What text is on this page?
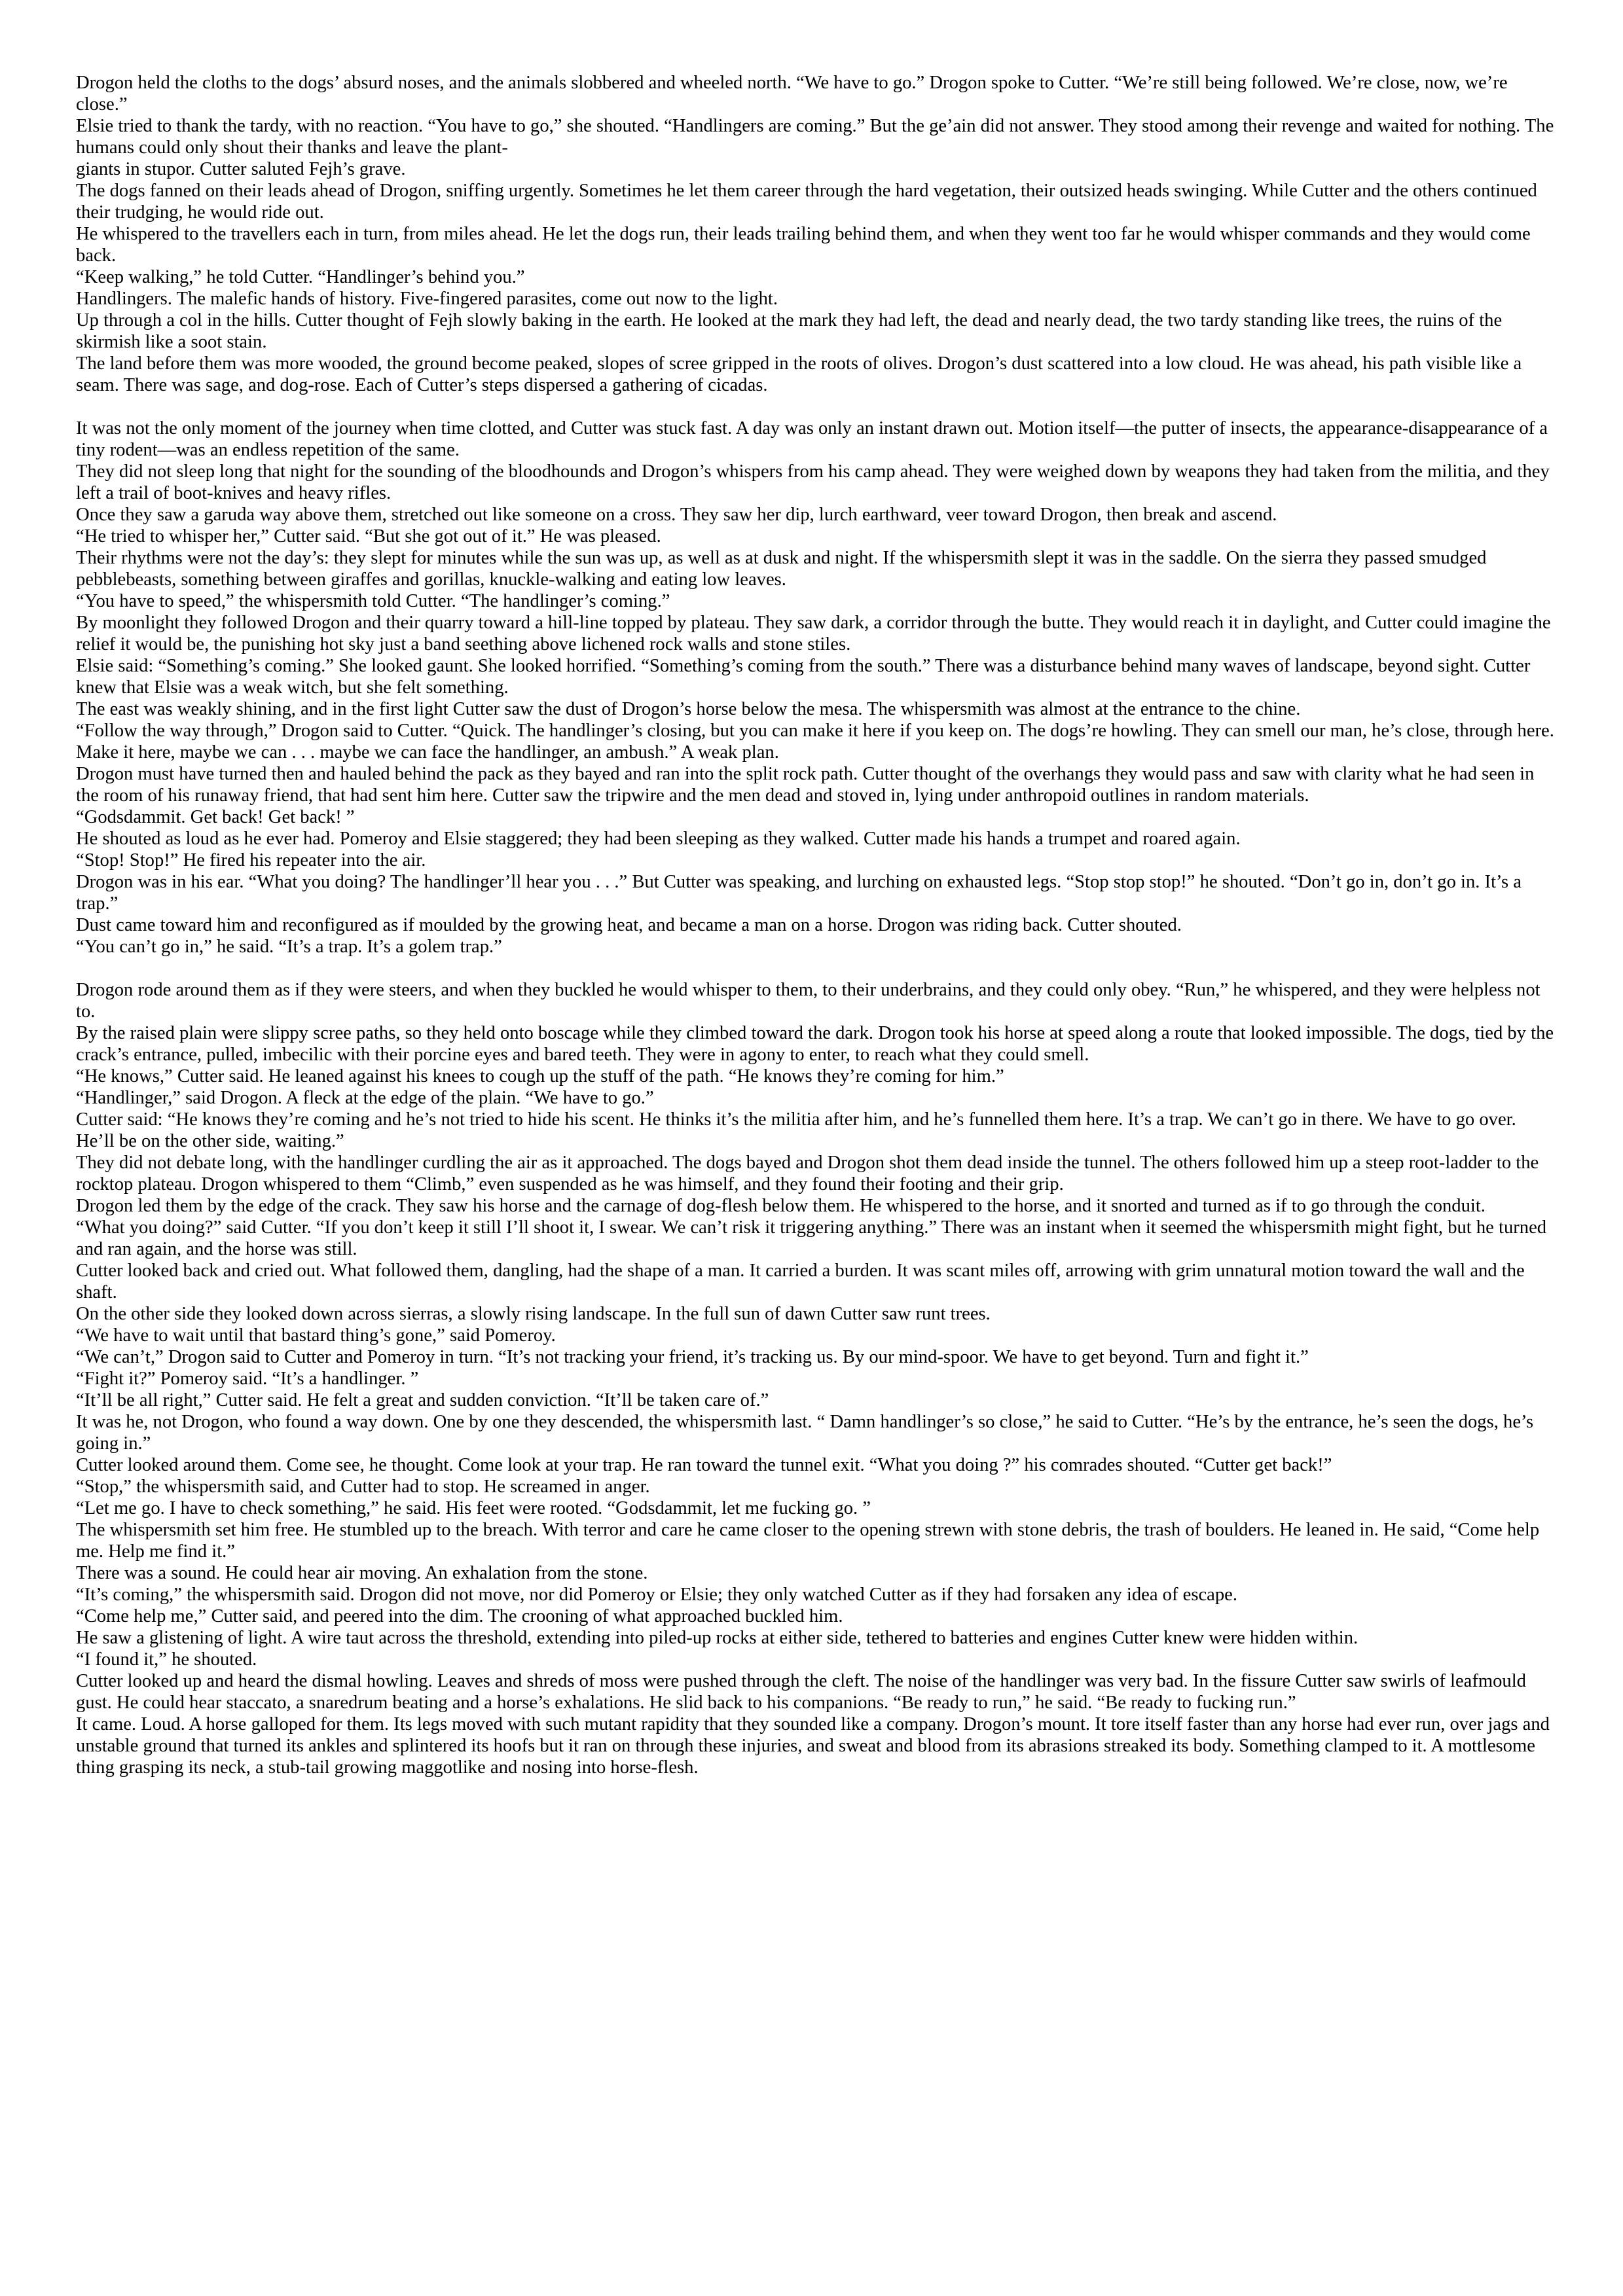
Drogon held the cloths to the dogs’ absurd noses, and the animals slobbered and wheeled north. “We have to go.” Drogon spoke to Cutter. “We’re still being followed. We’re close, now, we’re close.”

Elsie tried to thank the tardy, with no reaction. “You have to go,” she shouted. “Handlingers are coming.” But the ge’ain did not answer. They stood among their revenge and waited for nothing. The humans could only shout their thanks and leave the plant-

giants in stupor. Cutter saluted Fejh’s grave.

The dogs fanned on their leads ahead of Drogon, sniffing urgently. Sometimes he let them career through the hard vegetation, their outsized heads swinging. While Cutter and the others continued their trudging, he would ride out.

He whispered to the travellers each in turn, from miles ahead. He let the dogs run, their leads trailing behind them, and when they went too far he would whisper commands and they would come back.

“Keep walking,” he told Cutter. “Handlinger’s behind you.”

Handlingers. The malefic hands of history. Five-fingered parasites, come out now to the light.

Up through a col in the hills. Cutter thought of Fejh slowly baking in the earth. He looked at the mark they had left, the dead and nearly dead, the two tardy standing like trees, the ruins of the skirmish like a soot stain.

The land before them was more wooded, the ground become peaked, slopes of scree gripped in the roots of olives. Drogon’s dust scattered into a low cloud. He was ahead, his path visible like a seam. There was sage, and dog-rose. Each of Cutter’s steps dispersed a gathering of cicadas.

It was not the only moment of the journey when time clotted, and Cutter was stuck fast. A day was only an instant drawn out. Motion itself—the putter of insects, the appearance-disappearance of a tiny rodent—was an endless repetition of the same.

They did not sleep long that night for the sounding of the bloodhounds and Drogon’s whispers from his camp ahead. They were weighed down by weapons they had taken from the militia, and they left a trail of boot-knives and heavy rifles.

Once they saw a garuda way above them, stretched out like someone on a cross. They saw her dip, lurch earthward, veer toward Drogon, then break and ascend.

“He tried to whisper her,” Cutter said. “But she got out of it.” He was pleased.

Their rhythms were not the day’s: they slept for minutes while the sun was up, as well as at dusk and night. If the whispersmith slept it was in the saddle. On the sierra they passed smudged pebblebeasts, something between giraffes and gorillas, knuckle-walking and eating low leaves.

“You have to speed,” the whispersmith told Cutter. “The handlinger’s coming.”

By moonlight they followed Drogon and their quarry toward a hill-line topped by plateau. They saw dark, a corridor through the butte. They would reach it in daylight, and Cutter could imagine the relief it would be, the punishing hot sky just a band seething above lichened rock walls and stone stiles.

Elsie said: “Something’s coming.” She looked gaunt. She looked horrified. “Something’s coming from the south.” There was a disturbance behind many waves of landscape, beyond sight. Cutter knew that Elsie was a weak witch, but she felt something.

The east was weakly shining, and in the first light Cutter saw the dust of Drogon’s horse below the mesa. The whispersmith was almost at the entrance to the chine.

“Follow the way through,” Drogon said to Cutter. “Quick. The handlinger’s closing, but you can make it here if you keep on. The dogs’re howling. They can smell our man, he’s close, through here. Make it here, maybe we can . . . maybe we can face the handlinger, an ambush.” A weak plan.

Drogon must have turned then and hauled behind the pack as they bayed and ran into the split rock path. Cutter thought of the overhangs they would pass and saw with clarity what he had seen in the room of his runaway friend, that had sent him here. Cutter saw the tripwire and the men dead and stoved in, lying under anthropoid outlines in random materials.

“Godsdammit. Get back! Get back! ”

He shouted as loud as he ever had. Pomeroy and Elsie staggered; they had been sleeping as they walked. Cutter made his hands a trumpet and roared again.

“Stop! Stop!” He fired his repeater into the air.

Drogon was in his ear. “What you doing? The handlinger’ll hear you . . .” But Cutter was speaking, and lurching on exhausted legs. “Stop stop stop!” he shouted. “Don’t go in, don’t go in. It’s a trap.”

Dust came toward him and reconfigured as if moulded by the growing heat, and became a man on a horse. Drogon was riding back. Cutter shouted.

“You can’t go in,” he said. “It’s a trap. It’s a golem trap.”

Drogon rode around them as if they were steers, and when they buckled he would whisper to them, to their underbrains, and they could only obey. “Run,” he whispered, and they were helpless not to.

By the raised plain were slippy scree paths, so they held onto boscage while they climbed toward the dark. Drogon took his horse at speed along a route that looked impossible. The dogs, tied by the crack’s entrance, pulled, imbecilic with their porcine eyes and bared teeth. They were in agony to enter, to reach what they could smell.

“He knows,” Cutter said. He leaned against his knees to cough up the stuff of the path. “He knows they’re coming for him.”

“Handlinger,” said Drogon. A fleck at the edge of the plain. “We have to go.”

Cutter said: “He knows they’re coming and he’s not tried to hide his scent. He thinks it’s the militia after him, and he’s funnelled them here. It’s a trap. We can’t go in there. We have to go over. He’ll be on the other side, waiting.”

They did not debate long, with the handlinger curdling the air as it approached. The dogs bayed and Drogon shot them dead inside the tunnel. The others followed him up a steep root-ladder to the rocktop plateau. Drogon whispered to them “Climb,” even suspended as he was himself, and they found their footing and their grip.

Drogon led them by the edge of the crack. They saw his horse and the carnage of dog-flesh below them. He whispered to the horse, and it snorted and turned as if to go through the conduit.

“What you doing?” said Cutter. “If you don’t keep it still I’ll shoot it, I swear. We can’t risk it triggering anything.” There was an instant when it seemed the whispersmith might fight, but he turned and ran again, and the horse was still.

Cutter looked back and cried out. What followed them, dangling, had the shape of a man. It carried a burden. It was scant miles off, arrowing with grim unnatural motion toward the wall and the shaft.

On the other side they looked down across sierras, a slowly rising landscape. In the full sun of dawn Cutter saw runt trees.

“We have to wait until that bastard thing’s gone,” said Pomeroy.

“We can’t,” Drogon said to Cutter and Pomeroy in turn. “It’s not tracking your friend, it’s tracking us. By our mind-spoor. We have to get beyond. Turn and fight it.”

“Fight it?” Pomeroy said. “It’s a handlinger. ”

“It’ll be all right,” Cutter said. He felt a great and sudden conviction. “It’ll be taken care of.”

It was he, not Drogon, who found a way down. One by one they descended, the whispersmith last. “ Damn handlinger’s so close,” he said to Cutter. “He’s by the entrance, he’s seen the dogs, he’s going in.”

Cutter looked around them. Come see, he thought. Come look at your trap. He ran toward the tunnel exit. “What you doing ?” his comrades shouted. “Cutter get back!”

“Stop,” the whispersmith said, and Cutter had to stop. He screamed in anger.

“Let me go. I have to check something,” he said. His feet were rooted. “Godsdammit, let me fucking go. ”

The whispersmith set him free. He stumbled up to the breach. With terror and care he came closer to the opening strewn with stone debris, the trash of boulders. He leaned in. He said, “Come help me. Help me find it.”

There was a sound. He could hear air moving. An exhalation from the stone.

“It’s coming,” the whispersmith said. Drogon did not move, nor did Pomeroy or Elsie; they only watched Cutter as if they had forsaken any idea of escape.

“Come help me,” Cutter said, and peered into the dim. The crooning of what approached buckled him.

He saw a glistening of light. A wire taut across the threshold, extending into piled-up rocks at either side, tethered to batteries and engines Cutter knew were hidden within.

“I found it,” he shouted.

Cutter looked up and heard the dismal howling. Leaves and shreds of moss were pushed through the cleft. The noise of the handlinger was very bad. In the fissure Cutter saw swirls of leafmould gust. He could hear staccato, a snaredrum beating and a horse’s exhalations. He slid back to his companions. “Be ready to run,” he said. “Be ready to fucking run.”

It came. Loud. A horse galloped for them. Its legs moved with such mutant rapidity that they sounded like a company. Drogon’s mount. It tore itself faster than any horse had ever run, over jags and unstable ground that turned its ankles and splintered its hoofs but it ran on through these injuries, and sweat and blood from its abrasions streaked its body. Something clamped to it. A mottlesome thing grasping its neck, a stub-tail growing maggotlike and nosing into horse-flesh.
